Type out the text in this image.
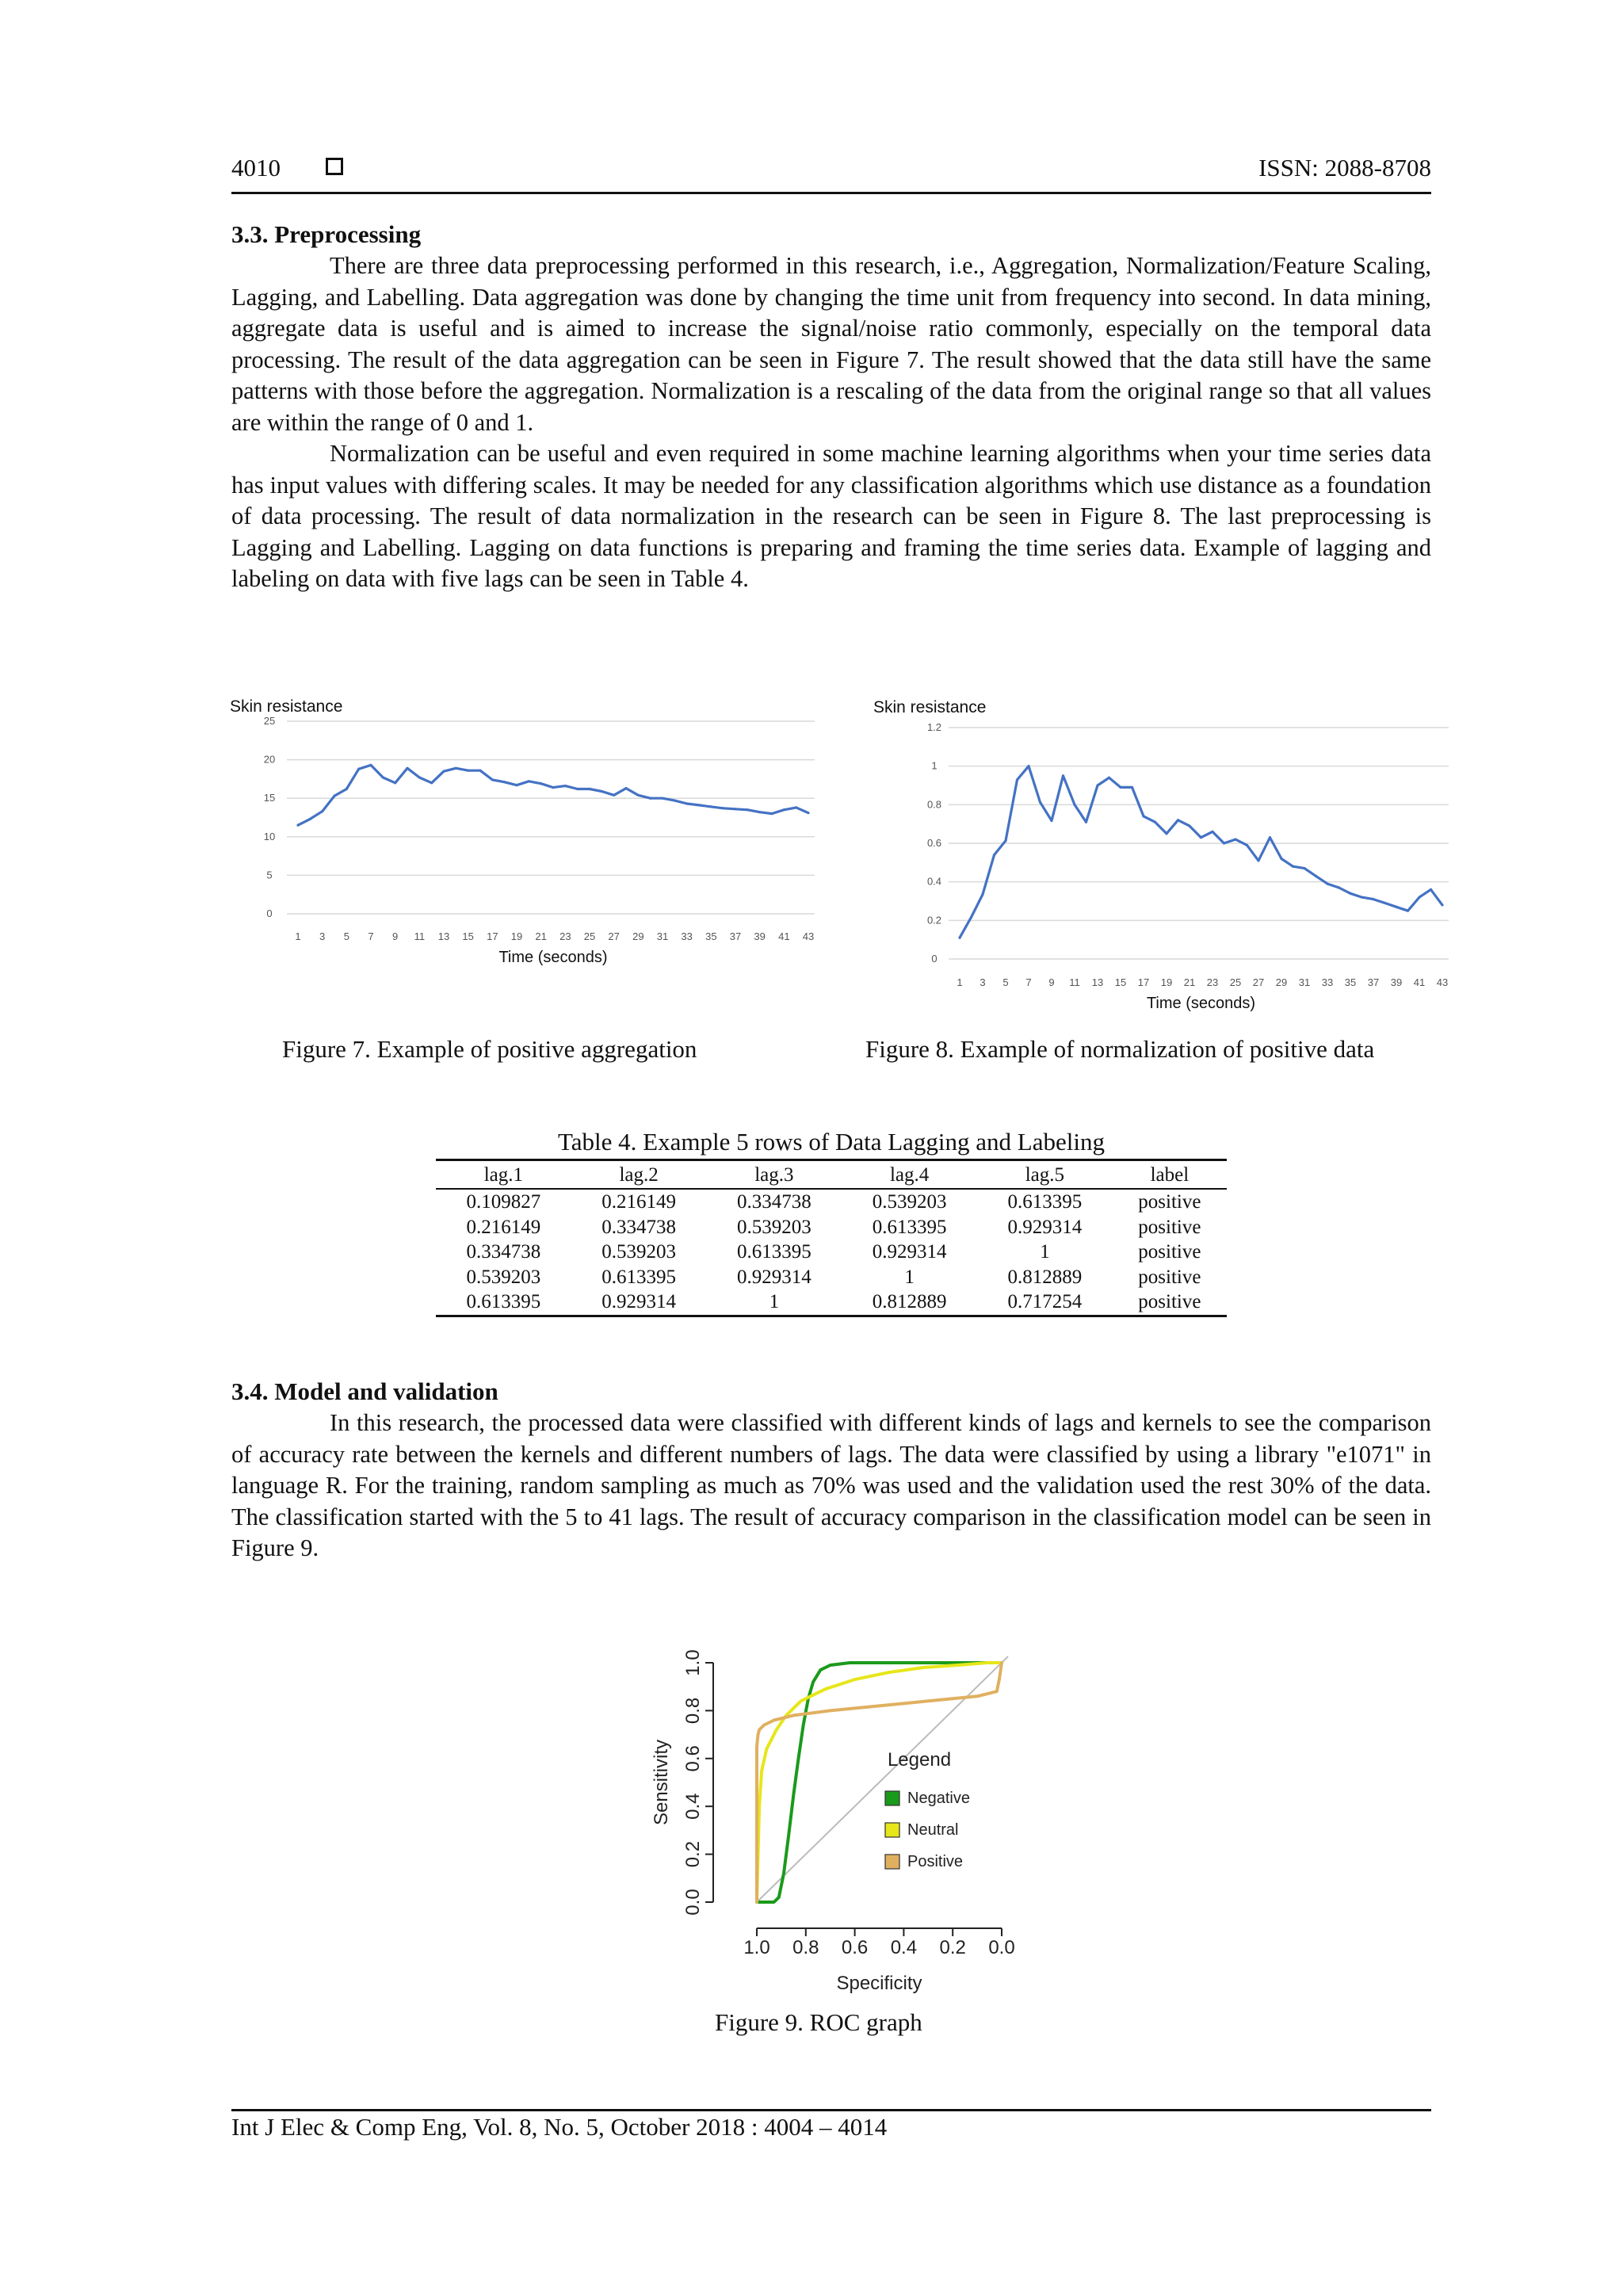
4010	ISSN: 2088-8708
3.3. Preprocessing

There are three data preprocessing performed in this research, i.e., Aggregation, Normalization/Feature Scaling, Lagging, and Labelling. Data aggregation was done by changing the time unit from frequency into second. In data mining, aggregate data is useful and is aimed to increase the signal/noise ratio commonly, especially on the temporal data processing. The result of the data aggregation can be seen in Figure 7. The result showed that the data still have the same patterns with those before the aggregation. Normalization is a rescaling of the data from the original range so that all values are within the range of 0 and 1.

Normalization can be useful and even required in some machine learning algorithms when your time series data has input values with differing scales. It may be needed for any classification algorithms which use distance as a foundation of data processing. The result of data normalization in the research can be seen in Figure 8. The last preprocessing is Lagging and Labelling. Lagging on data functions is preparing and framing the time series data. Example of lagging and labeling on data with five lags can be seen in Table 4.

Skin resistance
0
5
10
15
20
25
1 3 5 7 9 11 13 15 17 19 21 23 25 27 29 31 33 35 37 39 41 43
Time (seconds)
Figure 7. Example of positive aggregation
Skin resistance
0
0.2
0.4
0.6
0.8
1
1.2
1 3 5 7 9 11 13 15 17 19 21 23 25 27 29 31 33 35 37 39 41 43
Time (seconds)
Figure 8. Example of normalization of positive data
Table 4. Example 5 rows of Data Lagging and Labeling
lag.1	lag.2	lag.3	lag.4	lag.5	label
0.109827	0.216149	0.334738	0.539203	0.613395	positive
0.216149	0.334738	0.539203	0.613395	0.929314	positive
0.334738	0.539203	0.613395	0.929314	1	positive
0.539203	0.613395	0.929314	1	0.812889	positive
0.613395	0.929314	1	0.812889	0.717254	positive
3.4. Model and validation

In this research, the processed data were classified with different kinds of lags and kernels to see the comparison of accuracy rate between the kernels and different numbers of lags. The data were classified by using a library "e1071" in language R. For the training, random sampling as much as 70% was used and the validation used the rest 30% of the data. The classification started with the 5 to 41 lags. The result of accuracy comparison in the classification model can be seen in Figure 9.

0.0
0.2
0.4
0.6
0.8
1.0
1.0 0.8 0.6 0.4 0.2 0.0
Sensitivity
Specificity
Legend
Negative
Neutral
Positive
Figure 9. ROC graph
Int J Elec & Comp Eng, Vol. 8, No. 5, October 2018 : 4004 – 4014
